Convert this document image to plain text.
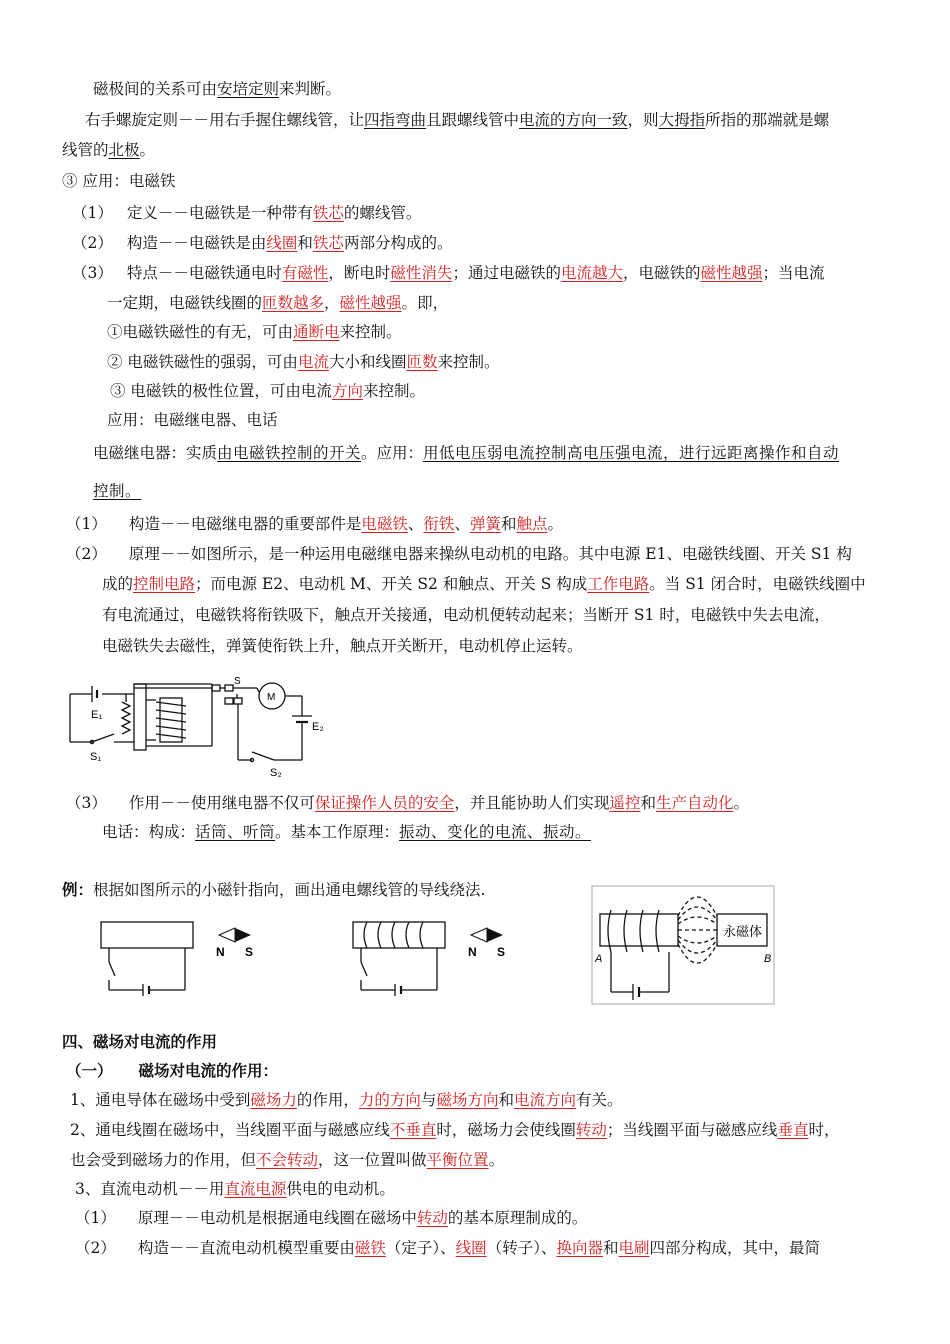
磁极间的关系可由安培定则来判断。
右手螺旋定则－－用右手握住螺线管，让四指弯曲且跟螺线管中电流的方向一致，则大拇指所指的那端就是螺
线管的北极。
③ 应用：电磁铁
（1） 定义－－电磁铁是一种带有铁芯的螺线管。
（2） 构造－－电磁铁是由线圈和铁芯两部分构成的。
（3） 特点－－电磁铁通电时有磁性，断电时磁性消失；通过电磁铁的电流越大，电磁铁的磁性越强；当电流
一定期，电磁铁线圈的匝数越多，磁性越强。即，
①电磁铁磁性的有无，可由通断电来控制。
② 电磁铁磁性的强弱，可由电流大小和线圈匝数来控制。
③ 电磁铁的极性位置，可由电流方向来控制。
应用：电磁继电器、电话
电磁继电器：实质由电磁铁控制的开关。应用：用低电压弱电流控制高电压强电流，进行远距离操作和自动
控制。
（1） 构造－－电磁继电器的重要部件是电磁铁、衔铁、弹簧和触点。
（2） 原理－－如图所示，是一种运用电磁继电器来操纵电动机的电路。其中电源 E1、电磁铁线圈、开关 S1 构
成的控制电路；而电源 E2、电动机 M、开关 S2 和触点、开关 S 构成工作电路。当 S1 闭合时，电磁铁线圈中
有电流通过，电磁铁将衔铁吸下，触点开关接通，电动机便转动起来；当断开 S1 时，电磁铁中失去电流，
电磁铁失去磁性，弹簧使衔铁上升，触点开关断开，电动机停止运转。
E₁
S₁
S
M
E₂
S₂
（3） 作用－－使用继电器不仅可保证操作人员的安全，并且能协助人们实现遥控和生产自动化。
电话：构成：话筒、听筒。基本工作原理：振动、变化的电流、振动。
例：根据如图所示的小磁针指向，画出通电螺线管的导线绕法.
N S	N S
永磁体
A	B
四、磁场对电流的作用
（一） 磁场对电流的作用：
1、通电导体在磁场中受到磁场力的作用，力的方向与磁场方向和电流方向有关。
2、通电线圈在磁场中，当线圈平面与磁感应线不垂直时，磁场力会使线圈转动；当线圈平面与磁感应线垂直时，
也会受到磁场力的作用，但不会转动，这一位置叫做平衡位置。
3、直流电动机－－用直流电源供电的电动机。
（1） 原理－－电动机是根据通电线圈在磁场中转动的基本原理制成的。
（2） 构造－－直流电动机模型重要由磁铁（定子）、线圈（转子）、换向器和电刷四部分构成，其中，最简
